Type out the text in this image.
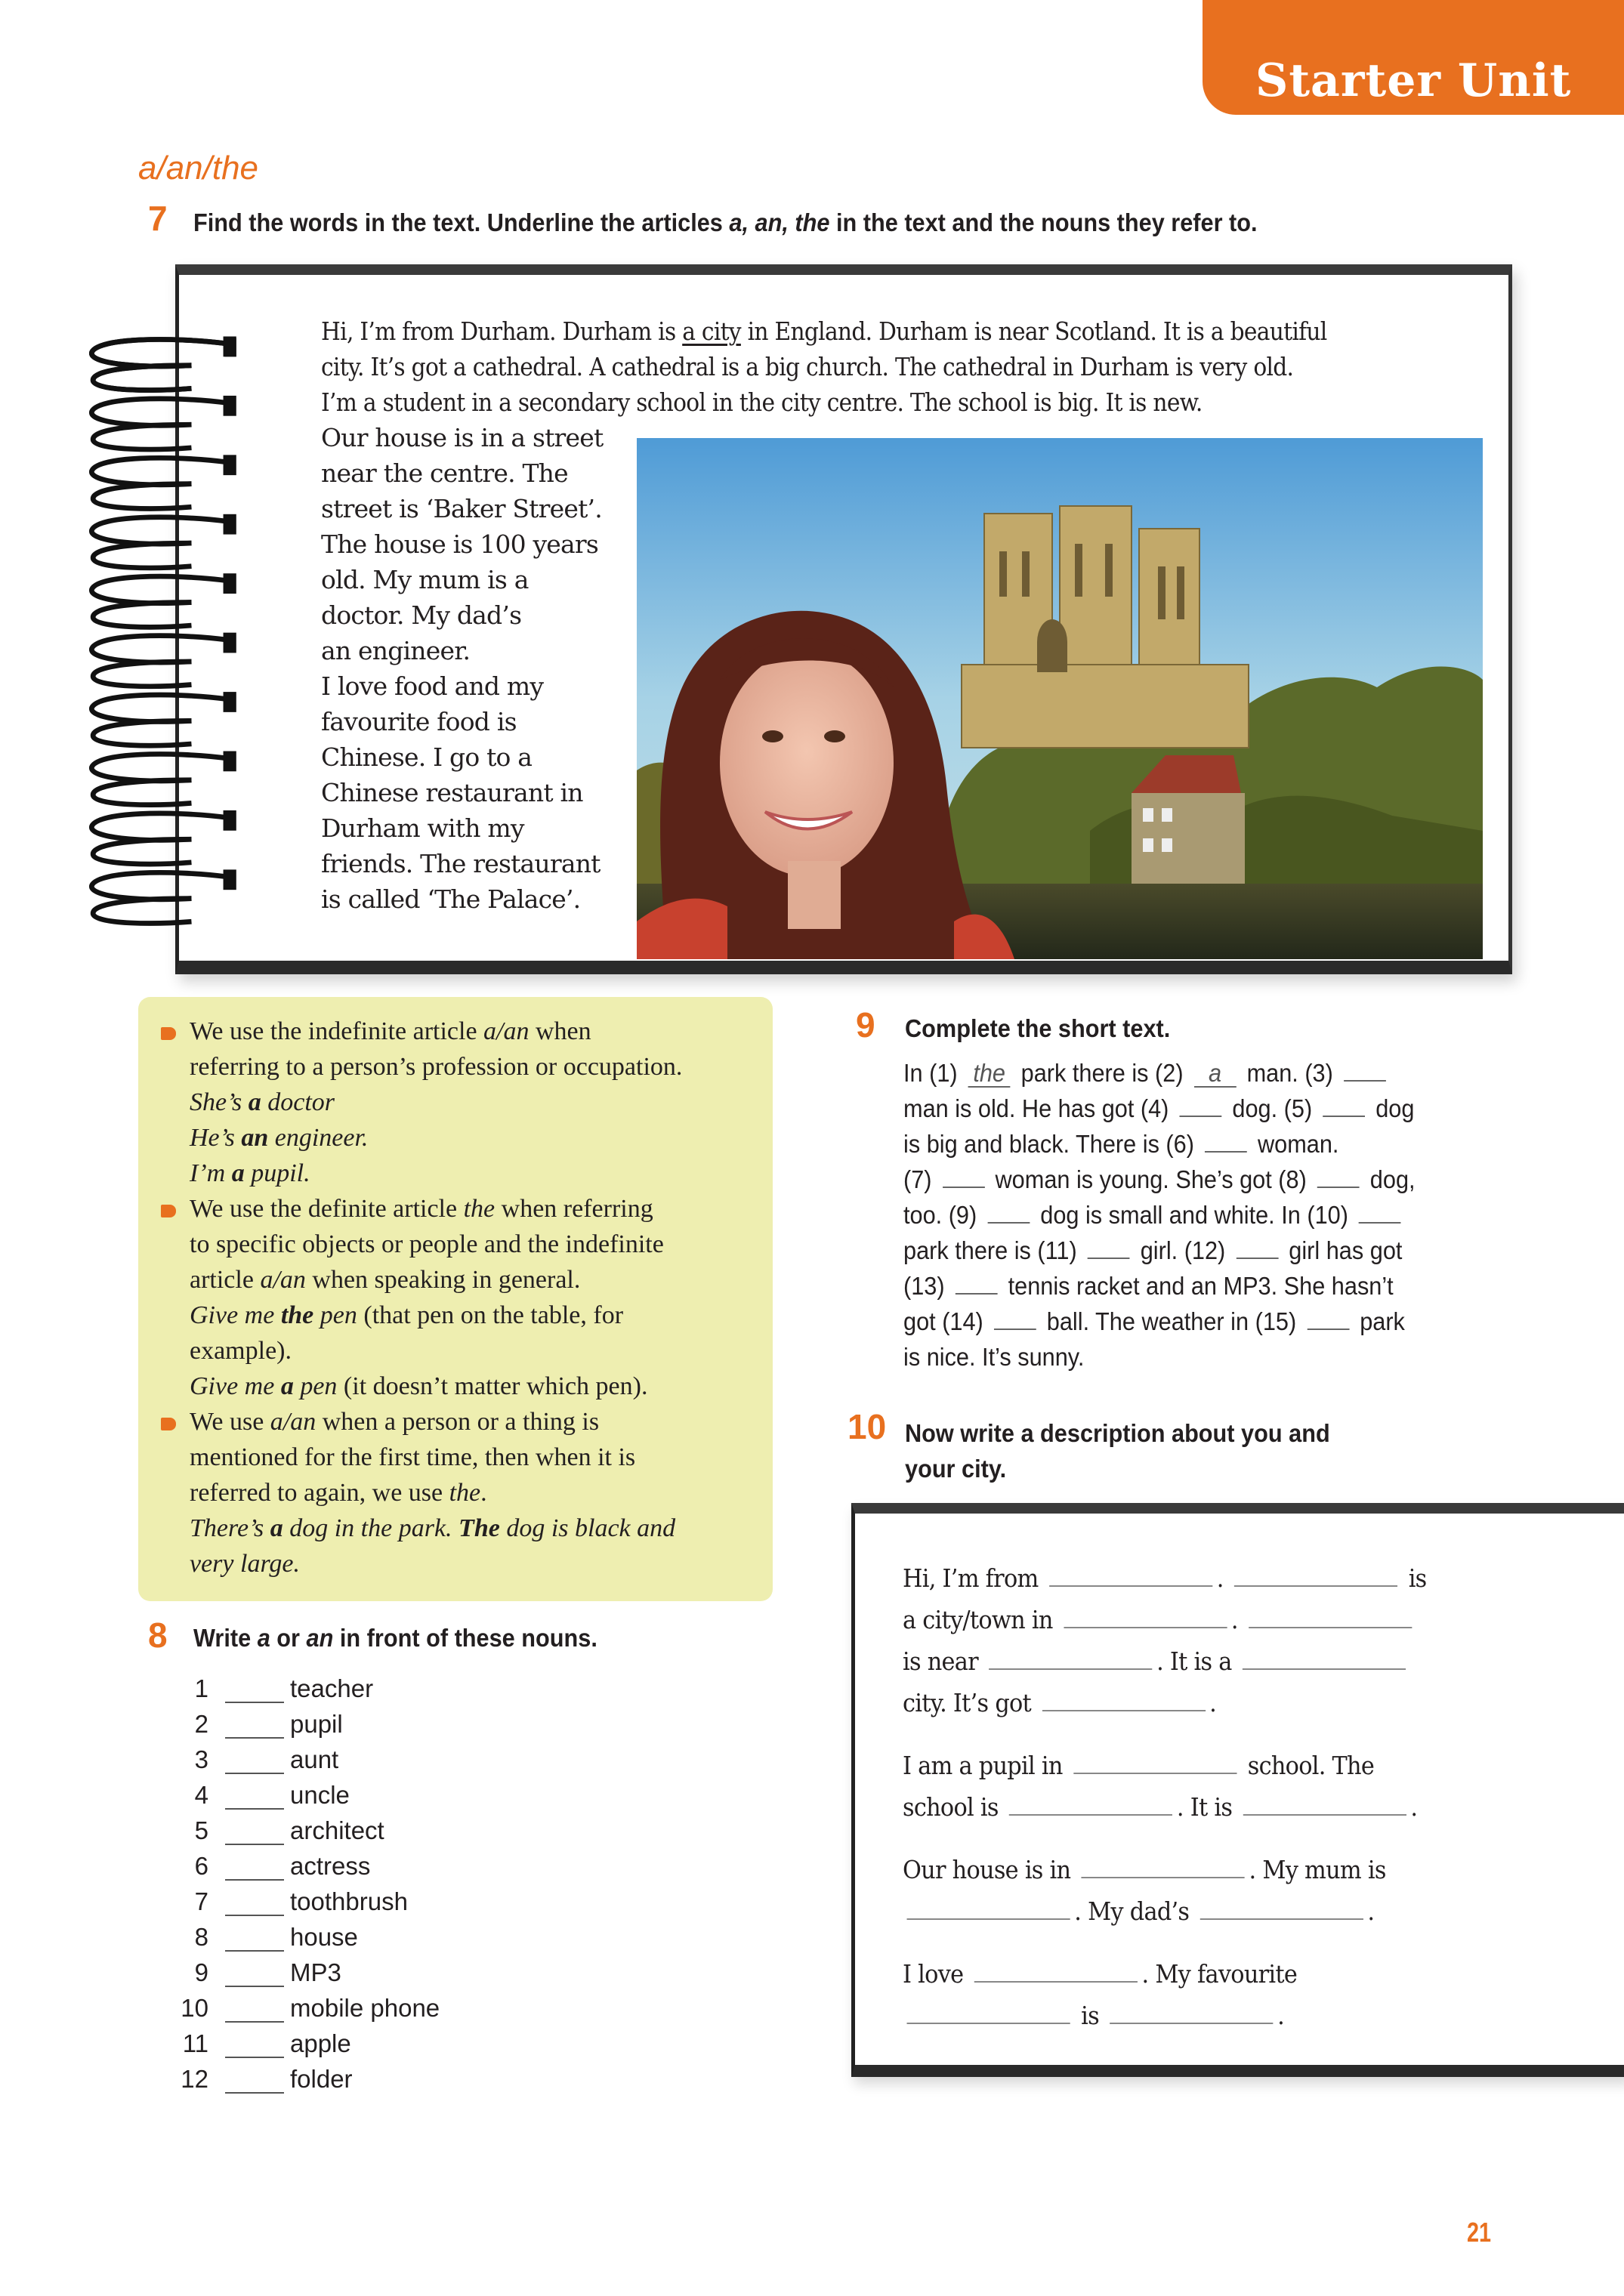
Starter Unit
a/an/the
7 Find the words in the text. Underline the articles a, an, the in the text and the nouns they refer to.
Hi, I’m from Durham. Durham is a city in England. Durham is near Scotland. It is a beautiful
city. It’s got a cathedral. A cathedral is a big church. The cathedral in Durham is very old.
I’m a student in a secondary school in the city centre. The school is big. It is new.
Our house is in a street
near the centre. The
street is ‘Baker Street’.
The house is 100 years
old. My mum is a
doctor. My dad’s
an engineer.
I love food and my
favourite food is
Chinese. I go to a
Chinese restaurant in
Durham with my
friends. The restaurant
is called ‘The Palace’.
We use the indefinite article a/an when
referring to a person’s profession or occupation.
She’s a doctor
He’s an engineer.
I’m a pupil.
We use the definite article the when referring
to specific objects or people and the indefinite
article a/an when speaking in general.
Give me the pen (that pen on the table, for
example).
Give me a pen (it doesn’t matter which pen).
We use a/an when a person or a thing is
mentioned for the first time, then when it is
referred to again, we use the.
There’s a dog in the park. The dog is black and
very large.
8 Write a or an in front of these nouns.
1	teacher
2	pupil
3	aunt
4	uncle
5	architect
6	actress
7	toothbrush
8	house
9	MP3
10	mobile phone
11	apple
12	folder
9 Complete the short text.
In (1) the park there is (2) a man. (3)
man is old. He has got (4)  dog. (5)  dog
is big and black. There is (6)  woman.
(7)  woman is young. She’s got (8)  dog,
too. (9)  dog is small and white. In (10)
park there is (11)  girl. (12)  girl has got
(13)  tennis racket and an MP3. She hasn’t
got (14)  ball. The weather in (15)  park
is nice. It’s sunny.
10 Now write a description about you and
your city.
Hi, I’m from	.	is
a city/town in	.
is near	. It is a
city. It’s got	.
I am a pupil in	school. The
school is	. It is	.
Our house is in	. My mum is
. My dad’s	.
I love	. My favourite
is	.
21
